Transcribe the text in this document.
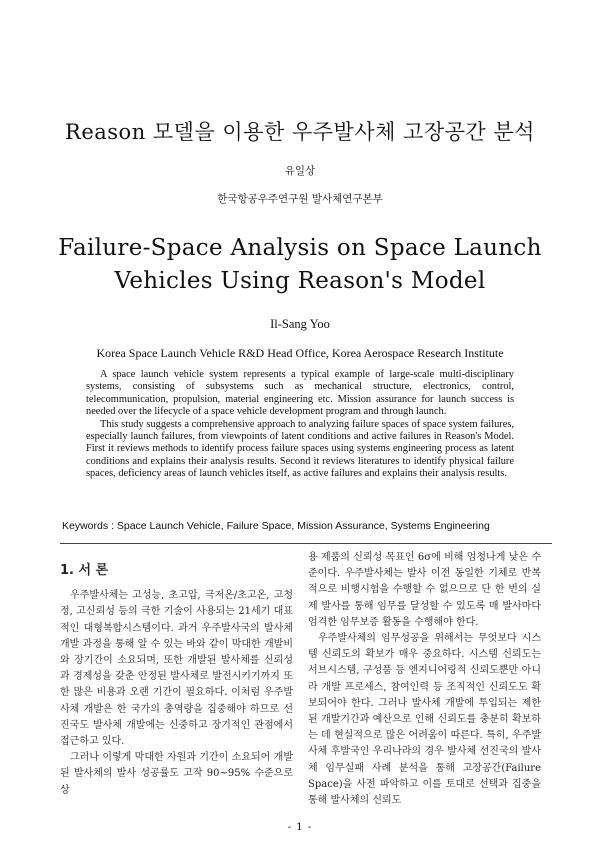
Reason 모델을 이용한 우주발사체 고장공간 분석
유일상
한국항공우주연구원 발사체연구본부
Failure-Space Analysis on Space Launch
Vehicles Using Reason's Model
Il-Sang Yoo
Korea Space Launch Vehicle R&D Head Office, Korea Aerospace Research Institute

A space launch vehicle system represents a typical example of large-scale multi-disciplinary systems, consisting of subsystems such as mechanical structure, electronics, control, telecommunication, propulsion, material engineering etc. Mission assurance for launch success is needed over the lifecycle of a space vehicle development program and through launch.

This study suggests a comprehensive approach to analyzing failure spaces of space system failures, especially launch failures, from viewpoints of latent conditions and active failures in Reason's Model. First it reviews methods to identify process failure spaces using systems engineering process as latent conditions and explains their analysis results. Second it reviews literatures to identify physical failure spaces, deficiency areas of launch vehicles itself, as active failures and explains their analysis results.

Keywords : Space Launch Vehicle, Failure Space, Mission Assurance, Systems Engineering
1. 서 론

우주발사체는 고성능, 초고압, 극저온/초고온, 고청정, 고신뢰성 등의 극한 기술이 사용되는 21세기 대표적인 대형복합시스템이다. 과거 우주발사국의 발사체 개발 과정을 통해 알 수 있는 바와 같이 막대한 개발비와 장기간이 소요되며, 또한 개발된 발사체를 신뢰성과 경제성을 갖춘 안정된 발사체로 발전시키기까지 또한 많은 비용과 오랜 기간이 필요하다. 이처럼 우주발사체 개발은 한 국가의 총역량을 집중해야 하므로 선진국도 발사체 개발에는 신중하고 장기적인 관점에서 접근하고 있다.

그러나 이렇게 막대한 자원과 기간이 소요되어 개발된 발사체의 발사 성공률도 고작 90~95% 수준으로 상

용 제품의 신뢰성 목표인 6σ에 비해 엄청나게 낮은 수준이다. 우주발사체는 발사 이전 동일한 기체로 반복적으로 비행시험을 수행할 수 없으므로 단 한 번의 실제 발사를 통해 임무를 달성할 수 있도록 매 발사마다 엄격한 임무보증 활동을 수행해야 한다.

우주발사체의 임무성공을 위해서는 무엇보다 시스템 신뢰도의 확보가 매우 중요하다. 시스템 신뢰도는 서브시스템, 구성품 등 엔지니어링적 신뢰도뿐만 아니라 개발 프로세스, 참여인력 등 조직적인 신뢰도도 확보되어야 한다. 그러나 발사체 개발에 투입되는 제한된 개발기간과 예산으로 인해 신뢰도를 충분히 확보하는 데 현실적으로 많은 어려움이 따른다. 특히, 우주발사체 후발국인 우리나라의 경우 발사체 선진국의 발사체 임무실패 사례 분석을 통해 고장공간(Failure Space)을 사전 파악하고 이를 토대로 선택과 집중을 통해 발사체의 신뢰도

- 1 -
